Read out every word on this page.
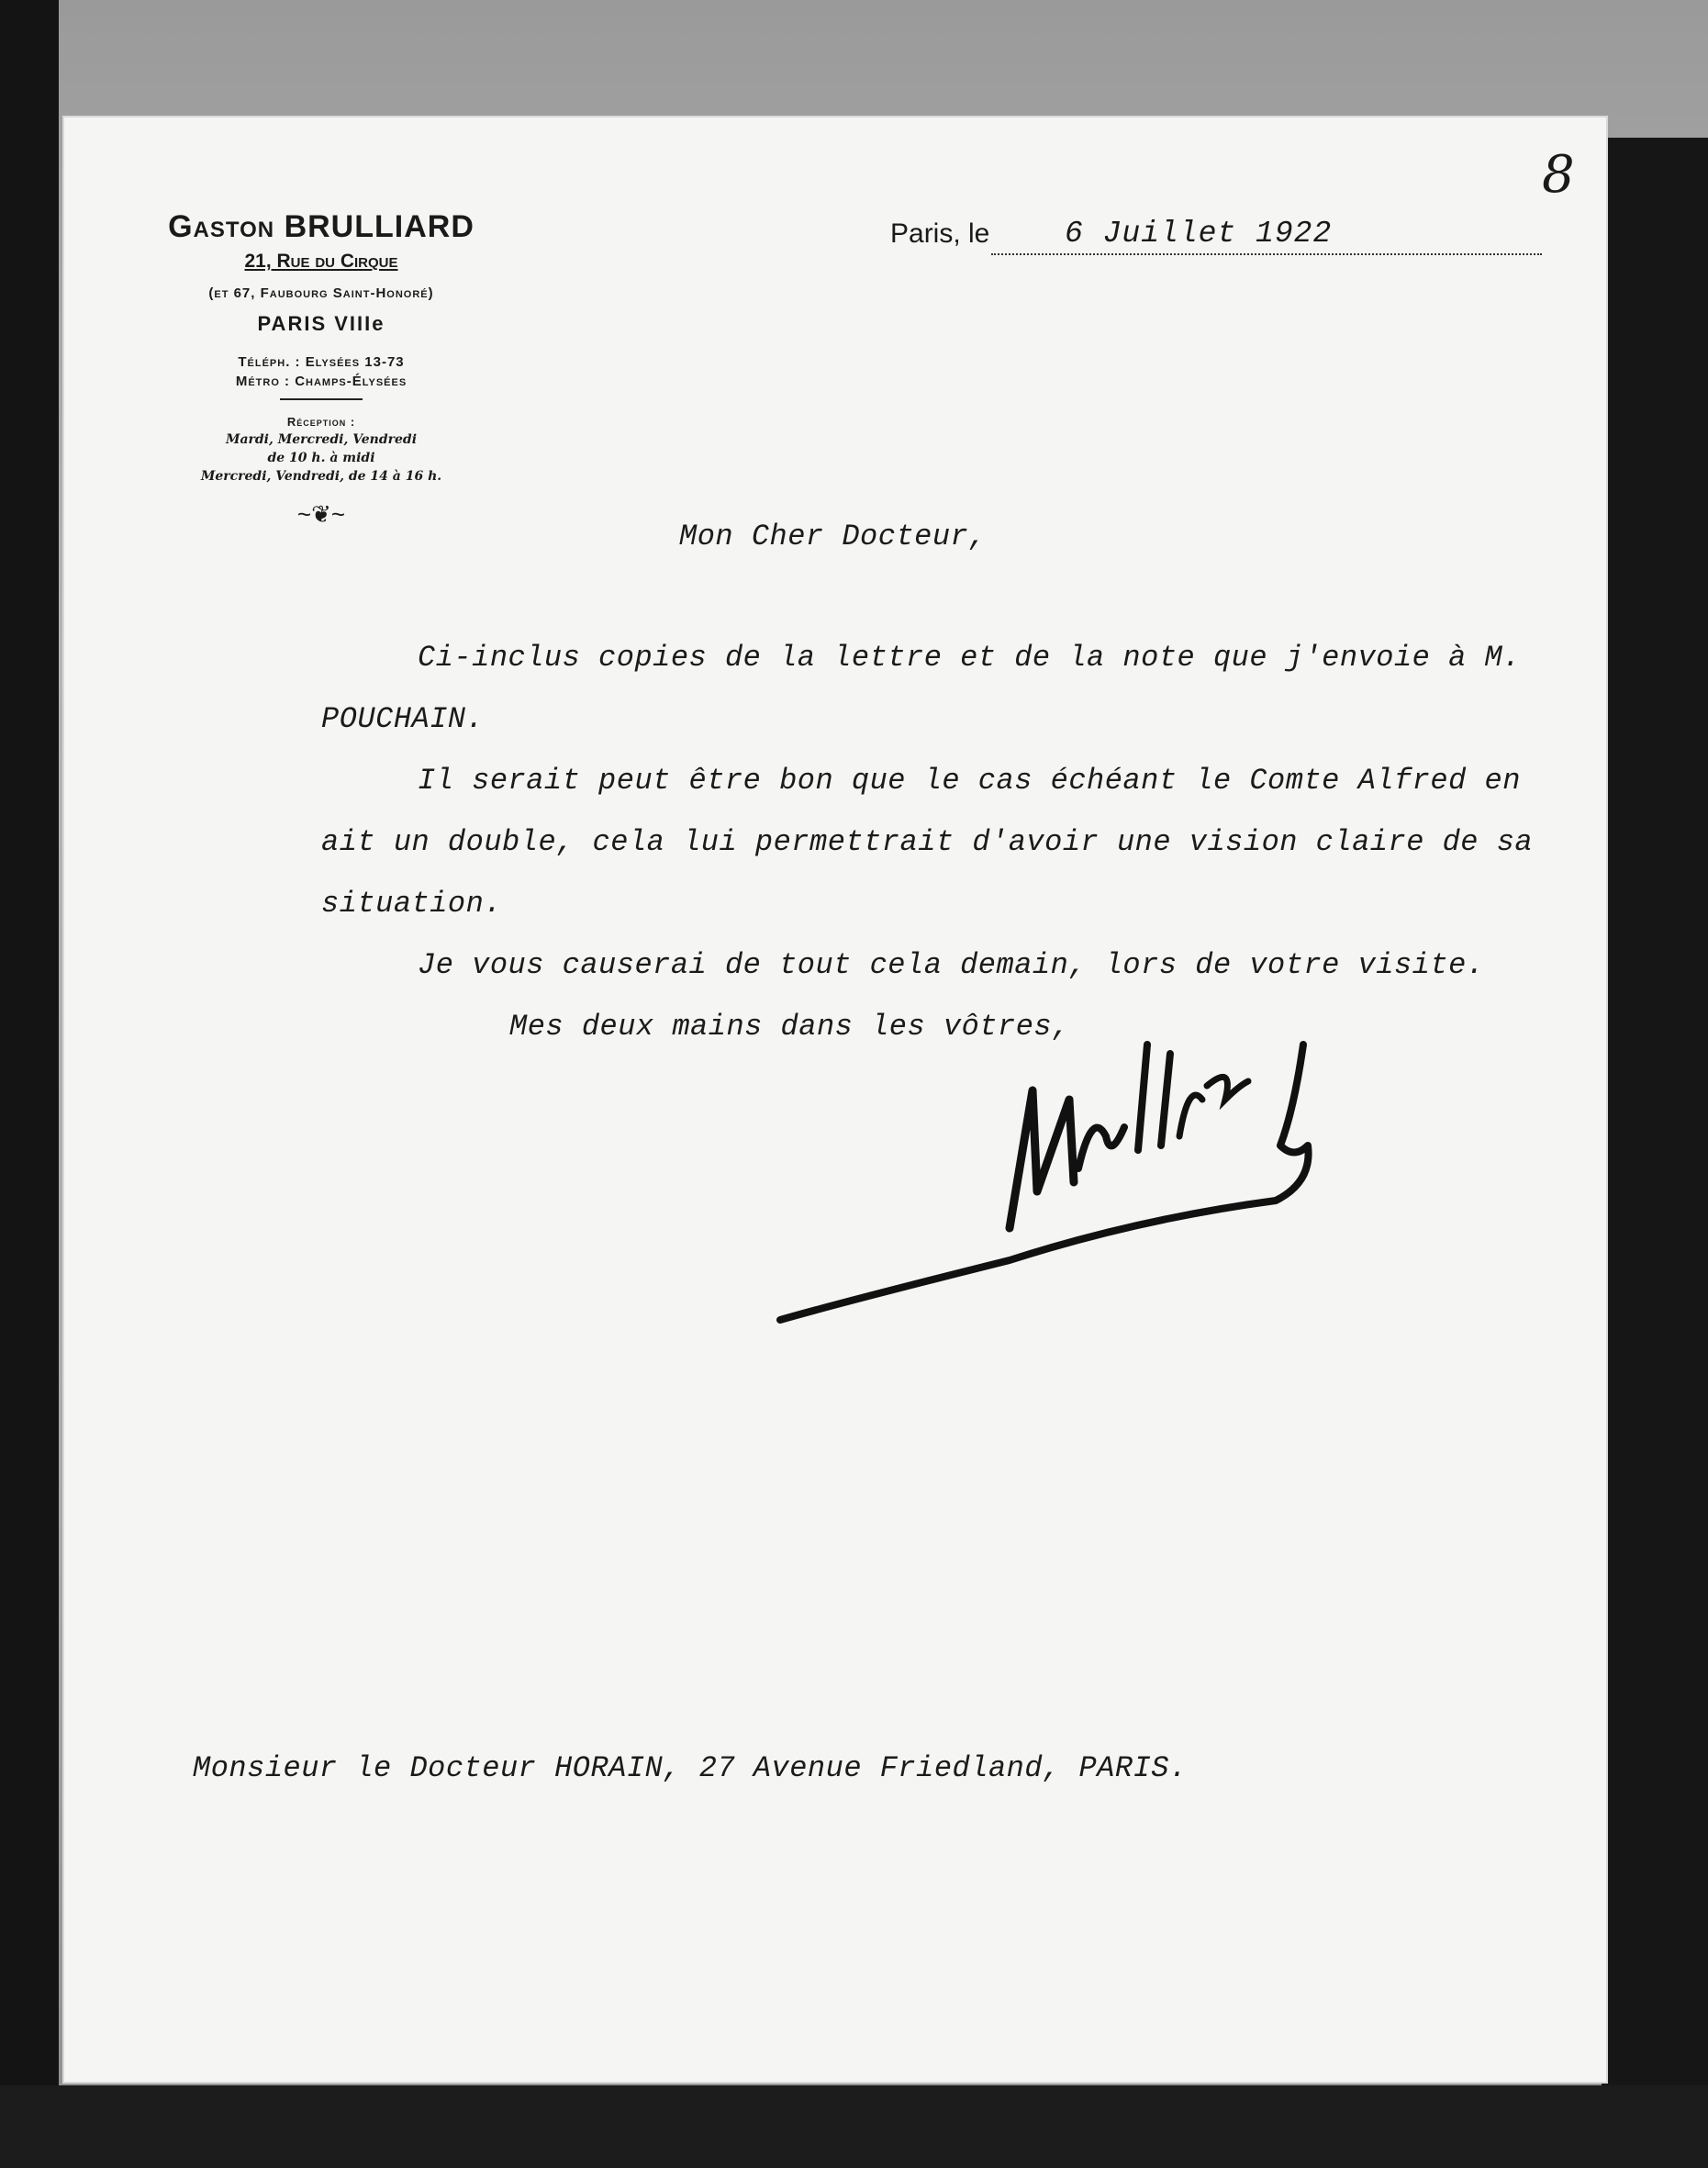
8
Gaston BRULLIARD
21, Rue du Cirque
(et 67, Faubourg Saint-Honoré)
PARIS VIIIe
Téléph. : Elysées 13-73
Métro : Champs-Élysées
Réception :
Mardi, Mercredi, Vendredi
de 10 h. à midi
Mercredi, Vendredi, de 14 à 16 h.
~❦~
Paris, le 6 Juillet 1922
Mon Cher Docteur,
Ci-inclus copies de la lettre et de la note que j'envoie à M.
POUCHAIN.
Il serait peut être bon que le cas échéant le Comte Alfred en
ait un double, cela lui permettrait d'avoir une vision claire de sa
situation.
Je vous causerai de tout cela demain, lors de votre visite.
Mes deux mains dans les vôtres,
Monsieur le Docteur HORAIN, 27 Avenue Friedland, PARIS.
